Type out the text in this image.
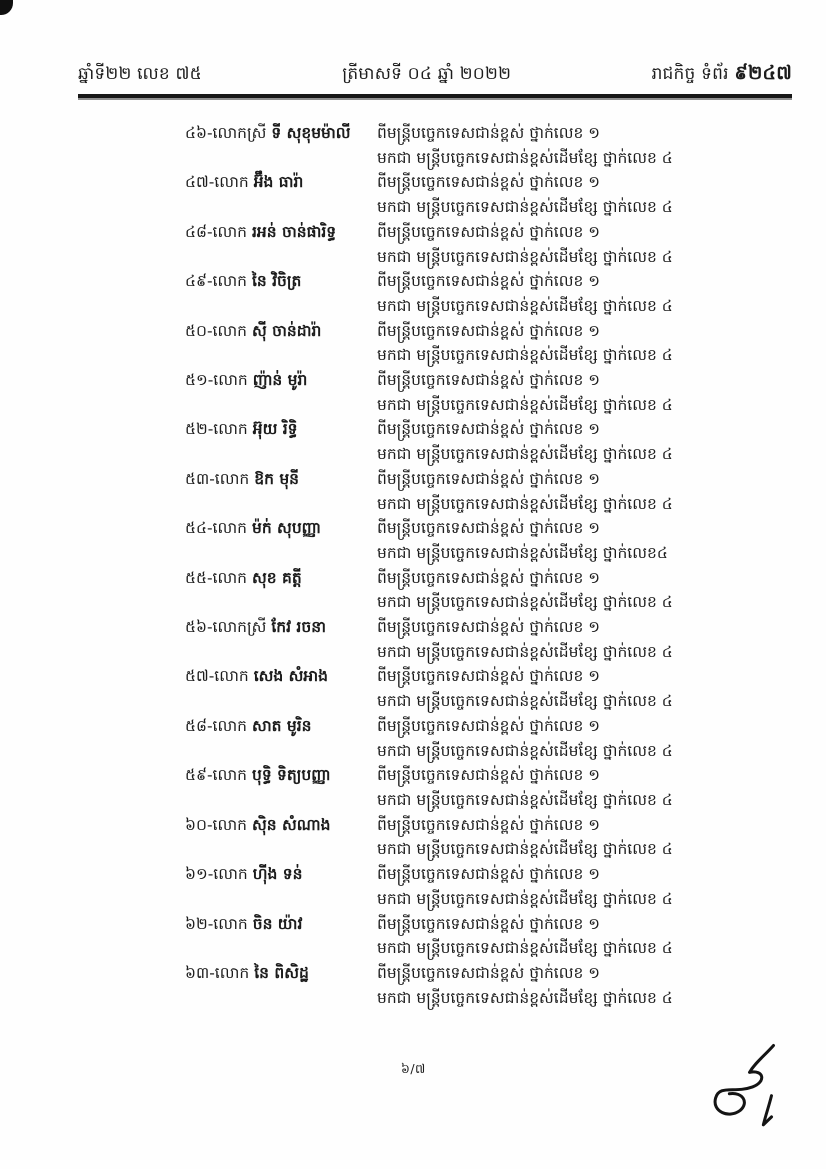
ឆ្នាំទី២២ លេខ ៧៥	ត្រីមាសទី ០៤ ឆ្នាំ ២០២២	រាជកិច្ច ទំព័រ ៩២៤៧
៤៦-លោកស្រី ទី សុខុមម៉ាលី	ពីមន្ត្រីបច្ចេកទេសជាន់ខ្ពស់ ថ្នាក់លេខ ១
មកជា មន្ត្រីបច្ចេកទេសជាន់ខ្ពស់ដើមខ្សែ ថ្នាក់លេខ ៤
៤៧-លោក អ៊ឹង ធារ៉ា	ពីមន្ត្រីបច្ចេកទេសជាន់ខ្ពស់ ថ្នាក់លេខ ១
មកជា មន្ត្រីបច្ចេកទេសជាន់ខ្ពស់ដើមខ្សែ ថ្នាក់លេខ ៤
៤៨-លោក រអន់ ចាន់ផារិទ្ធ	ពីមន្ត្រីបច្ចេកទេសជាន់ខ្ពស់ ថ្នាក់លេខ ១
មកជា មន្ត្រីបច្ចេកទេសជាន់ខ្ពស់ដើមខ្សែ ថ្នាក់លេខ ៤
៤៩-លោក នៃ វិចិត្រ	ពីមន្ត្រីបច្ចេកទេសជាន់ខ្ពស់ ថ្នាក់លេខ ១
មកជា មន្ត្រីបច្ចេកទេសជាន់ខ្ពស់ដើមខ្សែ ថ្នាក់លេខ ៤
៥០-លោក ស៊ី ចាន់ដារ៉ា	ពីមន្ត្រីបច្ចេកទេសជាន់ខ្ពស់ ថ្នាក់លេខ ១
មកជា មន្ត្រីបច្ចេកទេសជាន់ខ្ពស់ដើមខ្សែ ថ្នាក់លេខ ៤
៥១-លោក ញ៉ាន់ មូរ៉ា	ពីមន្ត្រីបច្ចេកទេសជាន់ខ្ពស់ ថ្នាក់លេខ ១
មកជា មន្ត្រីបច្ចេកទេសជាន់ខ្ពស់ដើមខ្សែ ថ្នាក់លេខ ៤
៥២-លោក អ៊ុយ រិទ្ធិ	ពីមន្ត្រីបច្ចេកទេសជាន់ខ្ពស់ ថ្នាក់លេខ ១
មកជា មន្ត្រីបច្ចេកទេសជាន់ខ្ពស់ដើមខ្សែ ថ្នាក់លេខ ៤
៥៣-លោក ឱក មុនី	ពីមន្ត្រីបច្ចេកទេសជាន់ខ្ពស់ ថ្នាក់លេខ ១
មកជា មន្ត្រីបច្ចេកទេសជាន់ខ្ពស់ដើមខ្សែ ថ្នាក់លេខ ៤
៥៤-លោក ម៉ក់ សុបញ្ញា	ពីមន្ត្រីបច្ចេកទេសជាន់ខ្ពស់ ថ្នាក់លេខ ១
មកជា មន្ត្រីបច្ចេកទេសជាន់ខ្ពស់ដើមខ្សែ ថ្នាក់លេខ៤
៥៥-លោក សុខ គត្តី	ពីមន្ត្រីបច្ចេកទេសជាន់ខ្ពស់ ថ្នាក់លេខ ១
មកជា មន្ត្រីបច្ចេកទេសជាន់ខ្ពស់ដើមខ្សែ ថ្នាក់លេខ ៤
៥៦-លោកស្រី កែវ រចនា	ពីមន្ត្រីបច្ចេកទេសជាន់ខ្ពស់ ថ្នាក់លេខ ១
មកជា មន្ត្រីបច្ចេកទេសជាន់ខ្ពស់ដើមខ្សែ ថ្នាក់លេខ ៤
៥៧-លោក សេង សំអាង	ពីមន្ត្រីបច្ចេកទេសជាន់ខ្ពស់ ថ្នាក់លេខ ១
មកជា មន្ត្រីបច្ចេកទេសជាន់ខ្ពស់ដើមខ្សែ ថ្នាក់លេខ ៤
៥៨-លោក សាត មូរិន	ពីមន្ត្រីបច្ចេកទេសជាន់ខ្ពស់ ថ្នាក់លេខ ១
មកជា មន្ត្រីបច្ចេកទេសជាន់ខ្ពស់ដើមខ្សែ ថ្នាក់លេខ ៤
៥៩-លោក បុទ្ធិ ទិត្យបញ្ញា	ពីមន្ត្រីបច្ចេកទេសជាន់ខ្ពស់ ថ្នាក់លេខ ១
មកជា មន្ត្រីបច្ចេកទេសជាន់ខ្ពស់ដើមខ្សែ ថ្នាក់លេខ ៤
៦០-លោក ស៊ិន សំណាង	ពីមន្ត្រីបច្ចេកទេសជាន់ខ្ពស់ ថ្នាក់លេខ ១
មកជា មន្ត្រីបច្ចេកទេសជាន់ខ្ពស់ដើមខ្សែ ថ្នាក់លេខ ៤
៦១-លោក ហ៊ីង ទន់	ពីមន្ត្រីបច្ចេកទេសជាន់ខ្ពស់ ថ្នាក់លេខ ១
មកជា មន្ត្រីបច្ចេកទេសជាន់ខ្ពស់ដើមខ្សែ ថ្នាក់លេខ ៤
៦២-លោក ចិន យ៉ាវ	ពីមន្ត្រីបច្ចេកទេសជាន់ខ្ពស់ ថ្នាក់លេខ ១
មកជា មន្ត្រីបច្ចេកទេសជាន់ខ្ពស់ដើមខ្សែ ថ្នាក់លេខ ៤
៦៣-លោក នៃ ពិសិដ្ឋ	ពីមន្ត្រីបច្ចេកទេសជាន់ខ្ពស់ ថ្នាក់លេខ ១
មកជា មន្ត្រីបច្ចេកទេសជាន់ខ្ពស់ដើមខ្សែ ថ្នាក់លេខ ៤
៦/៧
